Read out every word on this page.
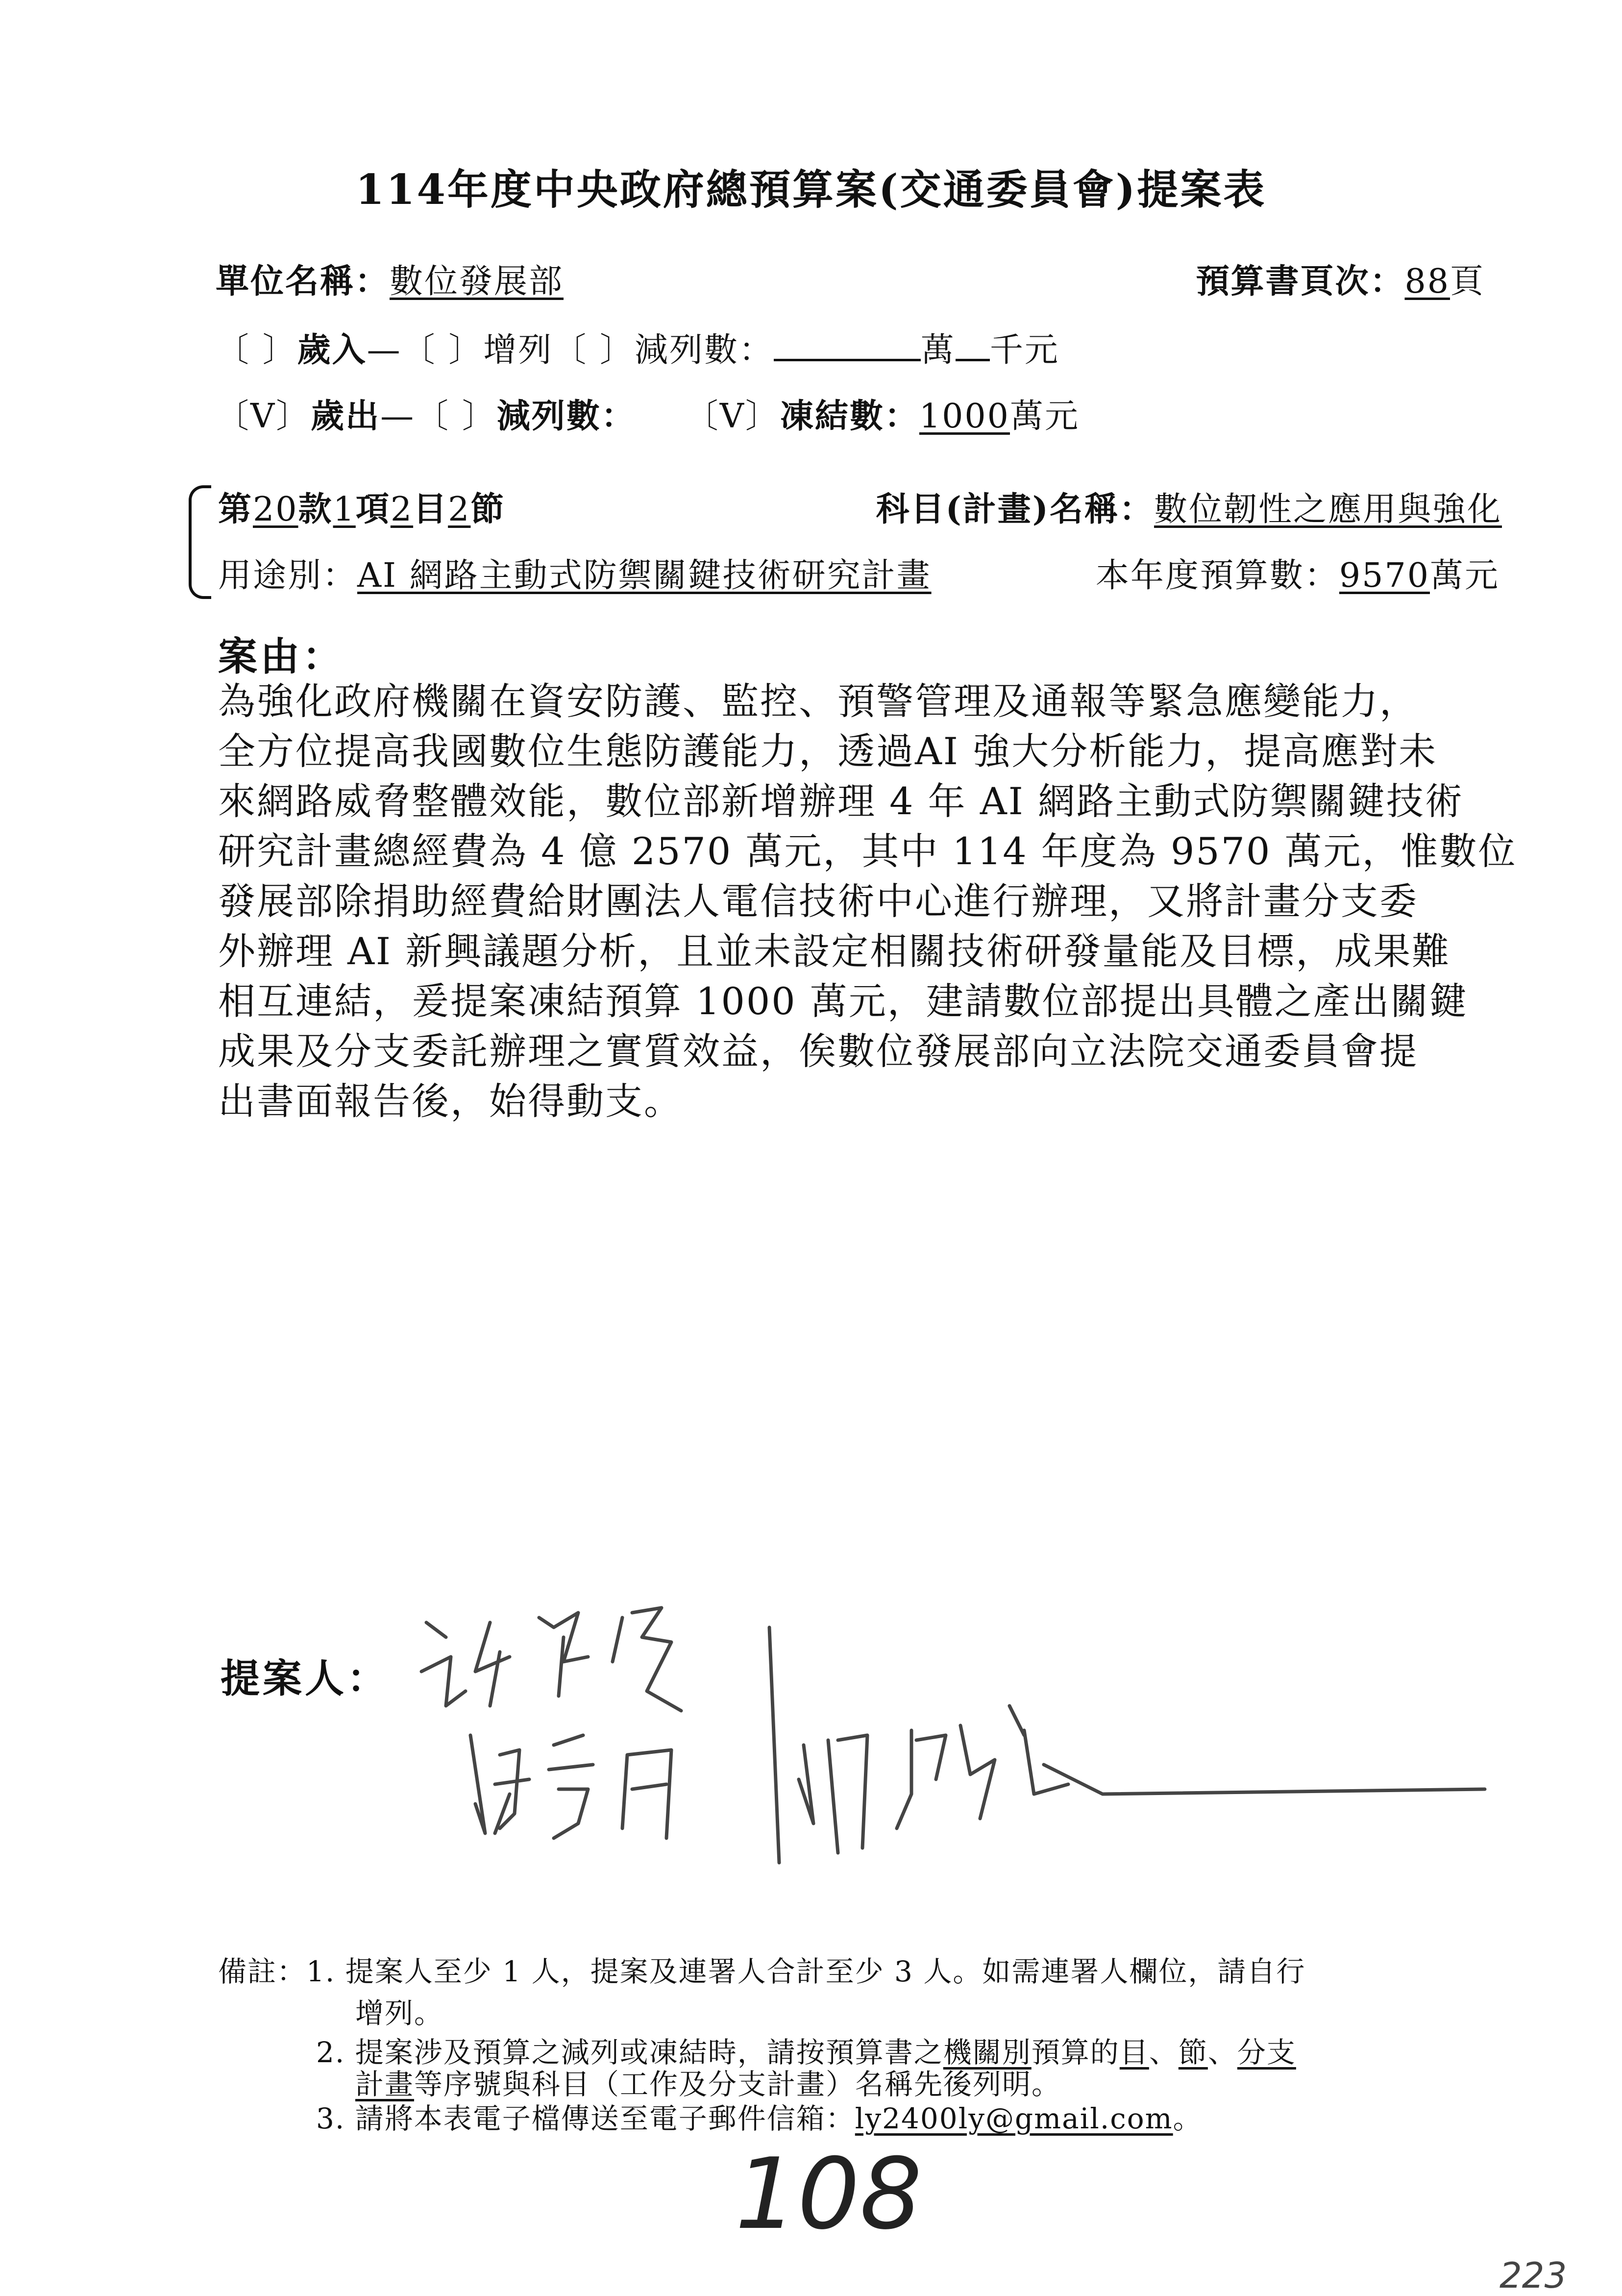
114年度中央政府總預算案(交通委員會)提案表
單位名稱：數位發展部	預算書頁次：88頁
〔 〕歲入—〔 〕增列〔 〕減列數：	萬 千元
〔V〕歲出—〔 〕減列數： 〔V〕凍結數：1000萬元
第20款1項2目2節	科目(計畫)名稱：數位韌性之應用與強化
用途別：AI 網路主動式防禦關鍵技術研究計畫	本年度預算數：9570萬元
案由：
為強化政府機關在資安防護、監控、預警管理及通報等緊急應變能力，
全方位提高我國數位生態防護能力，透過AI 強大分析能力，提高應對未
來網路威脅整體效能，數位部新增辦理 4 年 AI 網路主動式防禦關鍵技術
研究計畫總經費為 4 億 2570 萬元，其中 114 年度為 9570 萬元，惟數位
發展部除捐助經費給財團法人電信技術中心進行辦理，又將計畫分支委
外辦理 AI 新興議題分析，且並未設定相關技術研發量能及目標，成果難
相互連結，爰提案凍結預算 1000 萬元，建請數位部提出具體之產出關鍵
成果及分支委託辦理之實質效益，俟數位發展部向立法院交通委員會提
出書面報告後，始得動支。
提案人：
備註：1. 提案人至少 1 人，提案及連署人合計至少 3 人。如需連署人欄位，請自行
增列。
2. 提案涉及預算之減列或凍結時，請按預算書之機關別預算的目、節、分支
計畫等序號與科目（工作及分支計畫）名稱先後列明。
3. 請將本表電子檔傳送至電子郵件信箱：ly2400ly@gmail.com。
108
223
